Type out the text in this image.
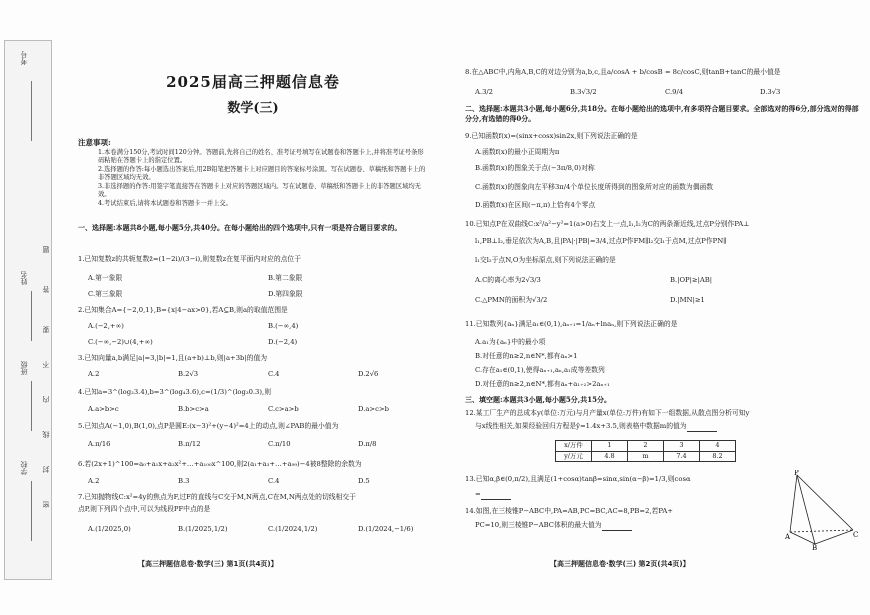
考号
姓名
班级
学校
题
答
要
不
内
线
封
密
2025届高三押题信息卷
数学(三)
注意事项:
1.本卷满分150分,考试时间120分钟。答题前,先将自己的姓名、准考证号填写在试题卷和答题卡上,并将准考证号条形码粘贴在答题卡上的指定位置。
2.选择题的作答:每小题选出答案后,用2B铅笔把答题卡上对应题目的答案标号涂黑。写在试题卷、草稿纸和答题卡上的非答题区域均无效。
3.非选择题的作答:用签字笔直接答在答题卡上对应的答题区域内。写在试题卷、草稿纸和答题卡上的非答题区域均无效。
4.考试结束后,请将本试题卷和答题卡一并上交。
一、选择题:本题共8小题,每小题5分,共40分。在每小题给出的四个选项中,只有一项是符合题目要求的。
1.已知复数z的共轭复数z̄=(1−2i)/(3−i),则复数z在复平面内对应的点位于
A.第一象限	B.第二象限
C.第三象限	D.第四象限
2.已知集合A={−2,0,1},B={x|4−ax>0},若A⊆B,则a的取值范围是
A.(−2,+∞)	B.(−∞,4)
C.(−∞,−2)∪(4,+∞)	D.(−2,4)
3.已知向量a,b满足|a|=3,|b|=1,且(a+b)⊥b,则|a+3b|的值为
A.2	B.2√3	C.4	D.2√6
4.已知a=3^(log₂3.4),b=3^(log₄3.6),c=(1/3)^(log₃0.3),则
A.a>b>c	B.b>c>a	C.c>a>b	D.a>c>b
5.已知点A(−1,0),B(1,0),点P是圆E:(x−3)²+(y−4)²=4上的动点,则∠PAB的最小值为
A.π/16	B.π/12	C.π/10	D.π/8
6.若(2x+1)^100=a₀+a₁x+a₂x²+…+a₁₀₀x^100,则2(a₁+a₃+…+a₉₉)−4被8整除的余数为
A.2	B.3	C.4	D.5
7.已知抛物线C:x²=4y的焦点为F,过F的直线与C交于M,N两点,C在M,N两点处的切线相交于
点P,则下列四个点中,可以为线段PF中点的是
A.(1/2025,0)	B.(1/2025,1/2)	C.(1/2024,1/2)	D.(1/2024,−1/6)
【高三押题信息卷·数学(三) 第1页(共4页)】
8.在△ABC中,内角A,B,C的对边分别为a,b,c,且a/cosA + b/cosB = 8c/cosC,则tanB+tanC的最小值是
A.3/2	B.3√3/2	C.9/4	D.3√3
二、选择题:本题共3小题,每小题6分,共18分。在每小题给出的选项中,有多项符合题目要求。全部选对的得6分,部分选对的得部分分,有选错的得0分。
9.已知函数f(x)=(sinx+cosx)sin2x,则下列说法正确的是
A.函数f(x)的最小正周期为π
B.函数f(x)的图象关于点(−3π/8,0)对称
C.函数f(x)的图象向左平移3π/4个单位长度所得到的图象所对应的函数为偶函数
D.函数f(x)在区间(−π,π)上恰有4个零点
10.已知点P在双曲线C:x²/a²−y²=1(a>0)右支上一点,l₁,l₂为C的两条渐近线,过点P分别作PA⊥
l₁,PB⊥l₂,垂足依次为A,B,且|PA|·|PB|=3/4,过点P作FM∥l₂交l₁于点M,过点P作PN∥
l₁交l₂于点N,O为坐标原点,则下列说法正确的是
A.C的离心率为2√3/3	B.|OP|≥|AB|
C.△PMN的面积为√3/2	D.|MN|≥1
11.已知数列{aₙ}满足a₁∈(0,1),aₙ₊₁=1/aₙ+lnaₙ,则下列说法正确的是
A.a₁为{aₙ}中的最小项
B.对任意的n≥2,n∈N*,都有aₙ>1
C.存在a₁∈(0,1),使得aₙ₊₁,aₙ,a₁成等差数列
D.对任意的n≥2,n∈N*,都有aₙ+a₁₊₂>2aₙ₊₁
三、填空题:本题共3小题,每小题5分,共15分。
12.某工厂生产的总成本y(单位:万元)与月产量x(单位:万件)有如下一组数据,从散点图分析可知y
与x线性相关,如果经验回归方程是ŷ=1.4x+3.5,则表格中数据m的值为
x/万件	1	2	3	4
y/万元	4.8	m	7.4	8.2
13.已知α,β∈(0,π/2),且满足(1+cosα)tanβ=sinα,sin(α−β)=1/3,则cosα
=
14.如图,在三棱锥P−ABC中,PA=AB,PC=BC,AC=8,PB=2,若PA+
PC=10,则三棱锥P−ABC体积的最大值为
P
A
B
C
【高三押题信息卷·数学(三) 第2页(共4页)】
